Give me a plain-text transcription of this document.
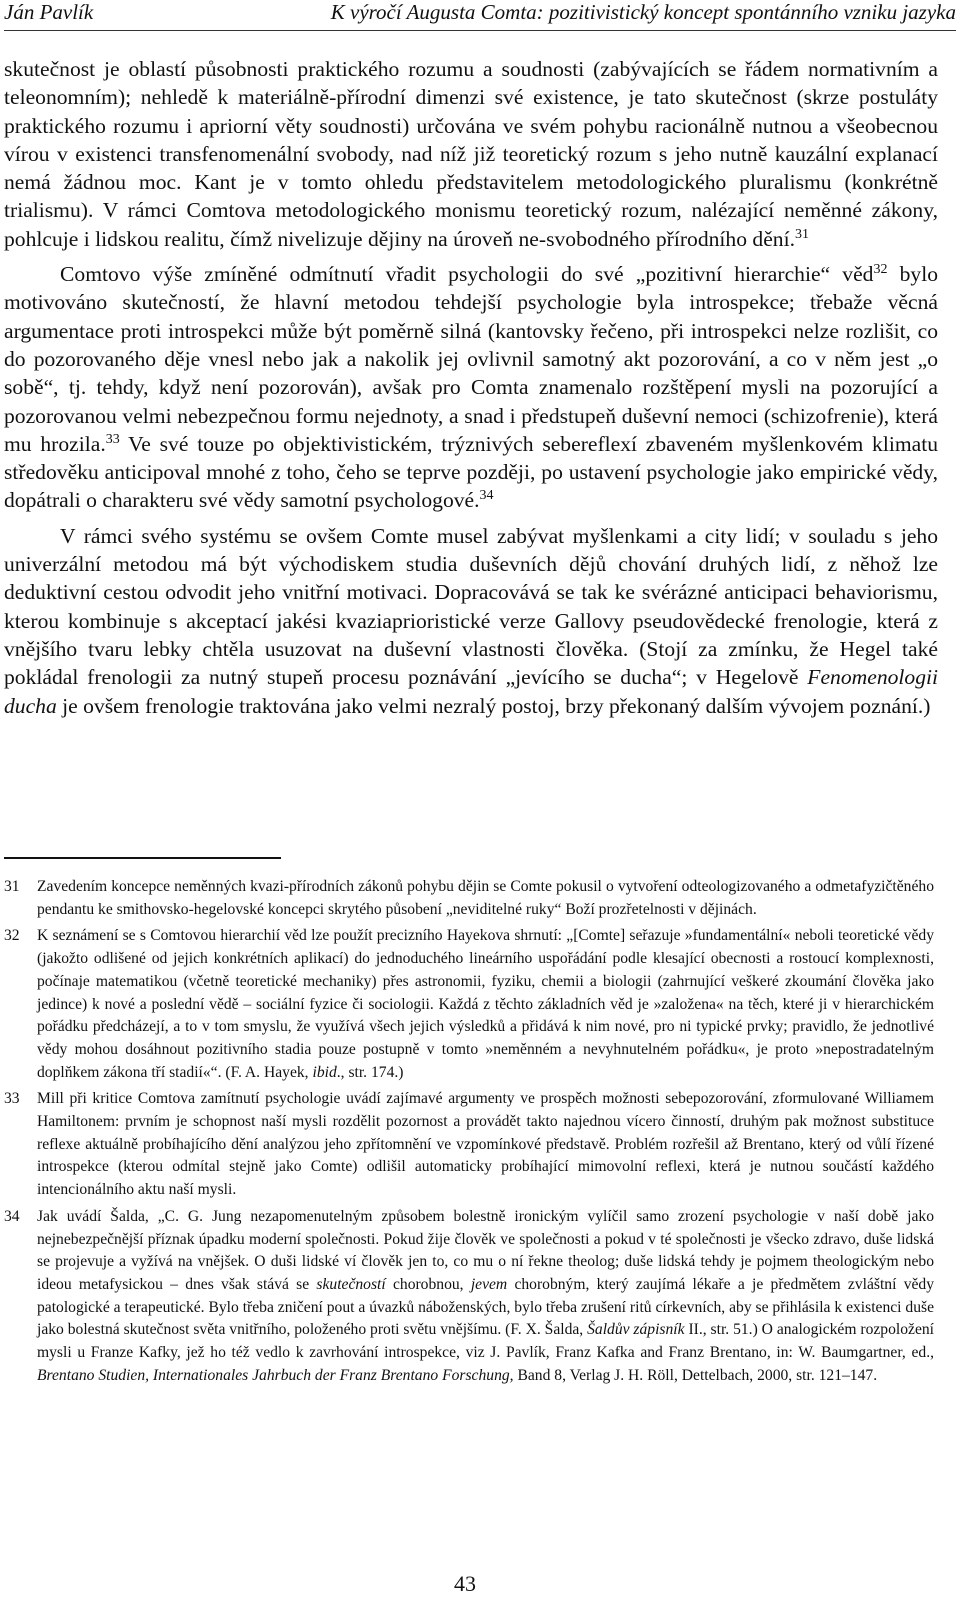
Ján Pavlík	K výročí Augusta Comta: pozitivistický koncept spontánního vzniku jazyka

skutečnost je oblastí působnosti praktického rozumu a soudnosti (zabývajících se řádem normativním a teleonomním); nehledě k materiálně-přírodní dimenzi své existence, je tato skutečnost (skrze postuláty praktického rozumu i apriorní věty soudnosti) určována ve svém pohybu racionálně nutnou a všeobecnou vírou v existenci transfenomenální svobody, nad níž již teoretický rozum s jeho nutně kauzální explanací nemá žádnou moc. Kant je v tomto ohledu představitelem metodologického pluralismu (konkrétně trialismu). V rámci Comtova metodologického monismu teoretický rozum, nalézající neměnné zákony, pohlcuje i lidskou realitu, čímž nivelizuje dějiny na úroveň ne-svobodného přírodního dění.$^{31}$

Comtovo výše zmíněné odmítnutí vřadit psychologii do své „pozitivní hierarchie“ věd$^{32}$ bylo motivováno skutečností, že hlavní metodou tehdejší psychologie byla introspekce; třebaže věcná argumentace proti introspekci může být poměrně silná (kantovsky řečeno, při introspekci nelze rozlišit, co do pozorovaného děje vnesl nebo jak a nakolik jej ovlivnil samotný akt pozorování, a co v něm jest „o sobě“, tj. tehdy, když není pozorován), avšak pro Comta znamenalo rozštěpení mysli na pozorující a pozorovanou velmi nebezpečnou formu nejednoty, a snad i předstupeň duševní nemoci (schizofrenie), která mu hrozila.$^{33}$ Ve své touze po objektivistickém, trýznivých sebereflexí zbaveném myšlenkovém klimatu středověku anticipoval mnohé z toho, čeho se teprve později, po ustavení psychologie jako empirické vědy, dopátrali o charakteru své vědy samotní psychologové.$^{34}$

V rámci svého systému se ovšem Comte musel zabývat myšlenkami a city lidí; v souladu s jeho univerzální metodou má být východiskem studia duševních dějů chování druhých lidí, z něhož lze deduktivní cestou odvodit jeho vnitřní motivaci. Dopracovává se tak ke svérázné anticipaci behaviorismu, kterou kombinuje s akceptací jakési kvaziaprioristické verze Gallovy pseudovědecké frenologie, která z vnějšího tvaru lebky chtěla usuzovat na duševní vlastnosti člověka. (Stojí za zmínku, že Hegel také pokládal frenologii za nutný stupeň procesu poznávání „jevícího se ducha“; v Hegelově Fenomenologii ducha je ovšem frenologie traktována jako velmi nezralý postoj, brzy překonaný dalším vývojem poznání.)

31 Zavedením koncepce neměnných kvazi-přírodních zákonů pohybu dějin se Comte pokusil o vytvoření odteologizovaného a odmetafyzičtěného pendantu ke smithovsko-hegelovské koncepci skrytého působení „neviditelné ruky“ Boží prozřetelnosti v dějinách.
32 K seznámení se s Comtovou hierarchií věd lze použít precizního Hayekova shrnutí: „[Comte] seřazuje »fundamentální« neboli teoretické vědy (jakožto odlišené od jejich konkrétních aplikací) do jednoduchého lineárního uspořádání podle klesající obecnosti a rostoucí komplexnosti, počínaje matematikou (včetně teoretické mechaniky) přes astronomii, fyziku, chemii a biologii (zahrnující veškeré zkoumání člověka jako jedince) k nové a poslední vědě – sociální fyzice či sociologii. Každá z těchto základních věd je »založena« na těch, které ji v hierarchickém pořádku předcházejí, a to v tom smyslu, že využívá všech jejich výsledků a přidává k nim nové, pro ni typické prvky; pravidlo, že jednotlivé vědy mohou dosáhnout pozitivního stadia pouze postupně v tomto »neměnném a nevyhnutelném pořádku«, je proto »nepostradatelným doplňkem zákona tří stadií«“. (F. A. Hayek, ibid., str. 174.)
33 Mill při kritice Comtova zamítnutí psychologie uvádí zajímavé argumenty ve prospěch možnosti sebepozorování, zformulované Williamem Hamiltonem: prvním je schopnost naší mysli rozdělit pozornost a provádět takto najednou vícero činností, druhým pak možnost substituce reflexe aktuálně probíhajícího dění analýzou jeho zpřítomnění ve vzpomínkové představě. Problém rozřešil až Brentano, který od vůlí řízené introspekce (kterou odmítal stejně jako Comte) odlišil automaticky probíhající mimovolní reflexi, která je nutnou součástí každého intencionálního aktu naší mysli.
34 Jak uvádí Šalda, „C. G. Jung nezapomenutelným způsobem bolestně ironickým vylíčil samo zrození psychologie v naší době jako nejnebezpečnější příznak úpadku moderní společnosti. Pokud žije člověk ve společnosti a pokud v té společnosti je všecko zdravo, duše lidská se projevuje a vyžívá na vnějšek. O duši lidské ví člověk jen to, co mu o ní řekne theolog; duše lidská tehdy je pojmem theologickým nebo ideou metafysickou – dnes však stává se skutečností chorobnou, jevem chorobným, který zaujímá lékaře a je předmětem zvláštní vědy patologické a terapeutické. Bylo třeba zničení pout a úvazků náboženských, bylo třeba zrušení ritů církevních, aby se přihlásila k existenci duše jako bolestná skutečnost světa vnitřního, položeného proti světu vnějšímu. (F. X. Šalda, Šaldův zápisník II., str. 51.) O analogickém rozpoložení mysli u Franze Kafky, jež ho též vedlo k zavrhování introspekce, viz J. Pavlík, Franz Kafka and Franz Brentano, in: W. Baumgartner, ed., Brentano Studien, Internationales Jahrbuch der Franz Brentano Forschung, Band 8, Verlag J. H. Röll, Dettelbach, 2000, str. 121–147.
43
